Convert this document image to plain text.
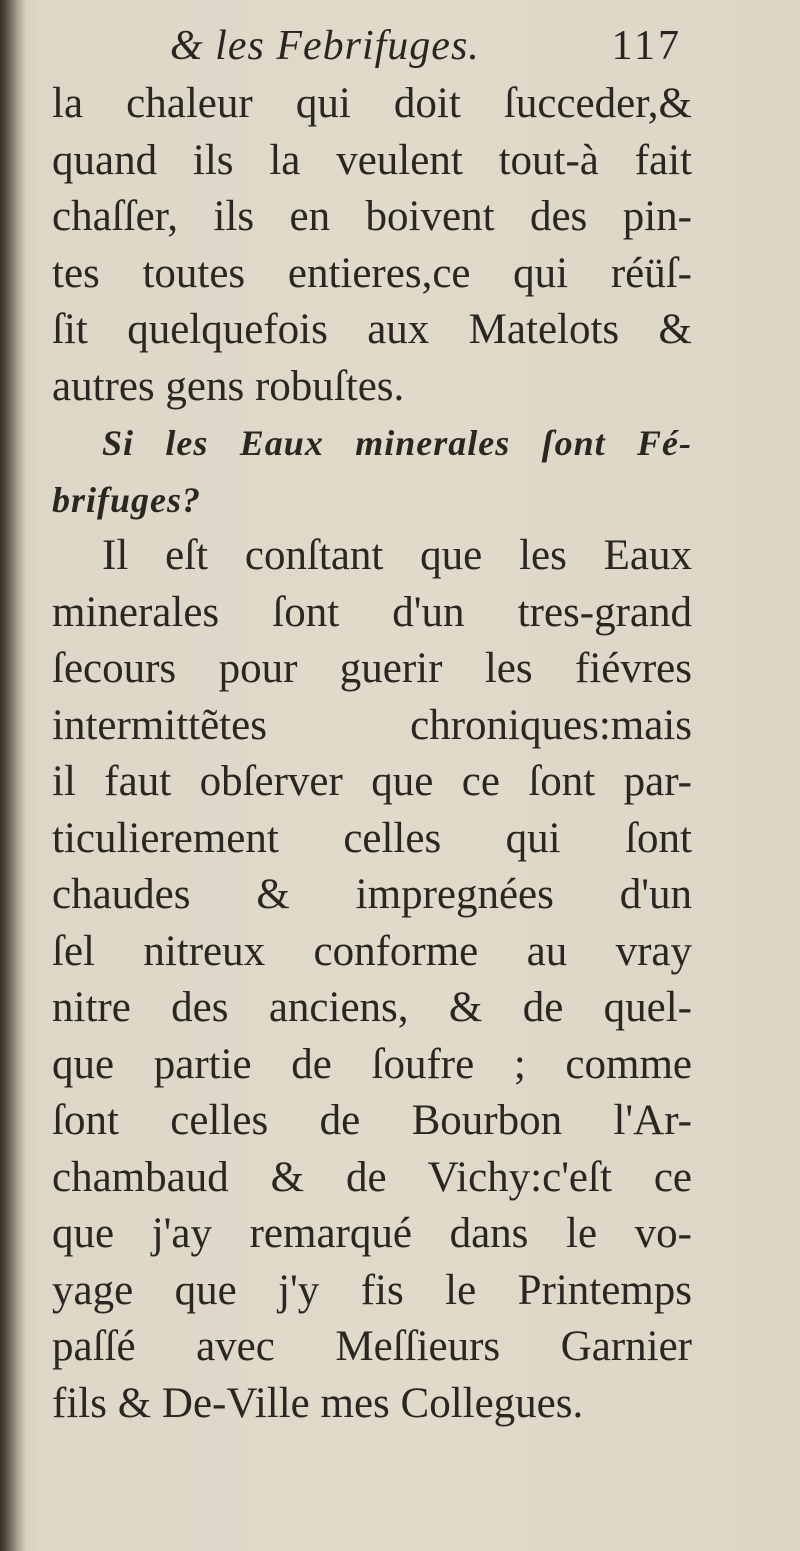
& les Febrifuges.	117
la chaleur qui doit ſucceder,&
quand ils la veulent tout-à fait
chaſſer, ils en boivent des pin-
tes toutes entieres,ce qui réüſ-
ſit quelquefois aux Matelots &
autres gens robuſtes.
Si les Eaux minerales ſont Fé-
brifuges?
Il eſt conſtant que les Eaux
minerales ſont d'un tres-grand
ſecours pour guerir les fiévres
intermittẽtes chroniques:mais
il faut obſerver que ce ſont par-
ticulierement celles qui ſont
chaudes & impregnées d'un
ſel nitreux conforme au vray
nitre des anciens, & de quel-
que partie de ſoufre ; comme
ſont celles de Bourbon l'Ar-
chambaud & de Vichy:c'eſt ce
que j'ay remarqué dans le vo-
yage que j'y fis le Printemps
paſſé avec Meſſieurs Garnier
fils & De-Ville mes Collegues.
